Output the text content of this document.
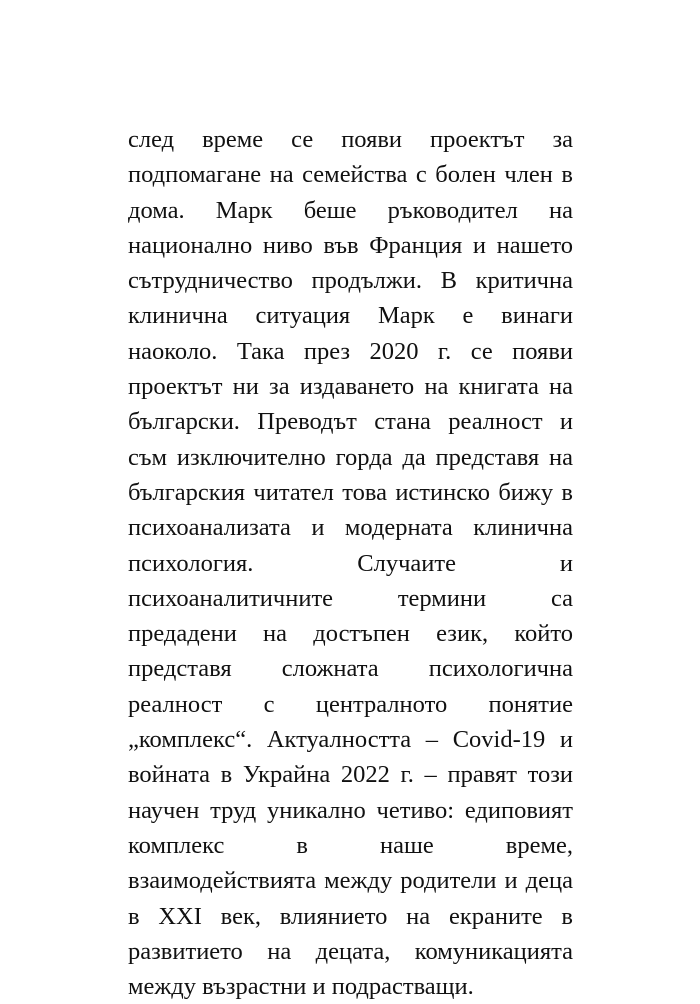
след време се появи проектът за
подпомагане на семейства с болен член в
дома. Марк беше ръководител на
национално ниво във Франция и нашето
сътрудничество продължи. В критична
клинична ситуация Марк е винаги
наоколо. Така през 2020 г. се появи
проектът ни за издаването на книгата на
български. Преводът стана реалност и
съм изключително горда да представя на
българския читател това истинско бижу в
психоанализата и модерната клинична
психология. Случаите и
психоаналитичните термини са
предадени на достъпен език, който
представя сложната психологична
реалност с централното понятие
„комплекс“. Актуалността – Covid-19 и
войната в Украйна 2022 г. – правят този
научен труд уникално четиво: едиповият
комплекс в наше време,
взаимодействията между родители и деца
в XXI век, влиянието на екраните в
развитието на децата, комуникацията
между възрастни и подрастващи.
